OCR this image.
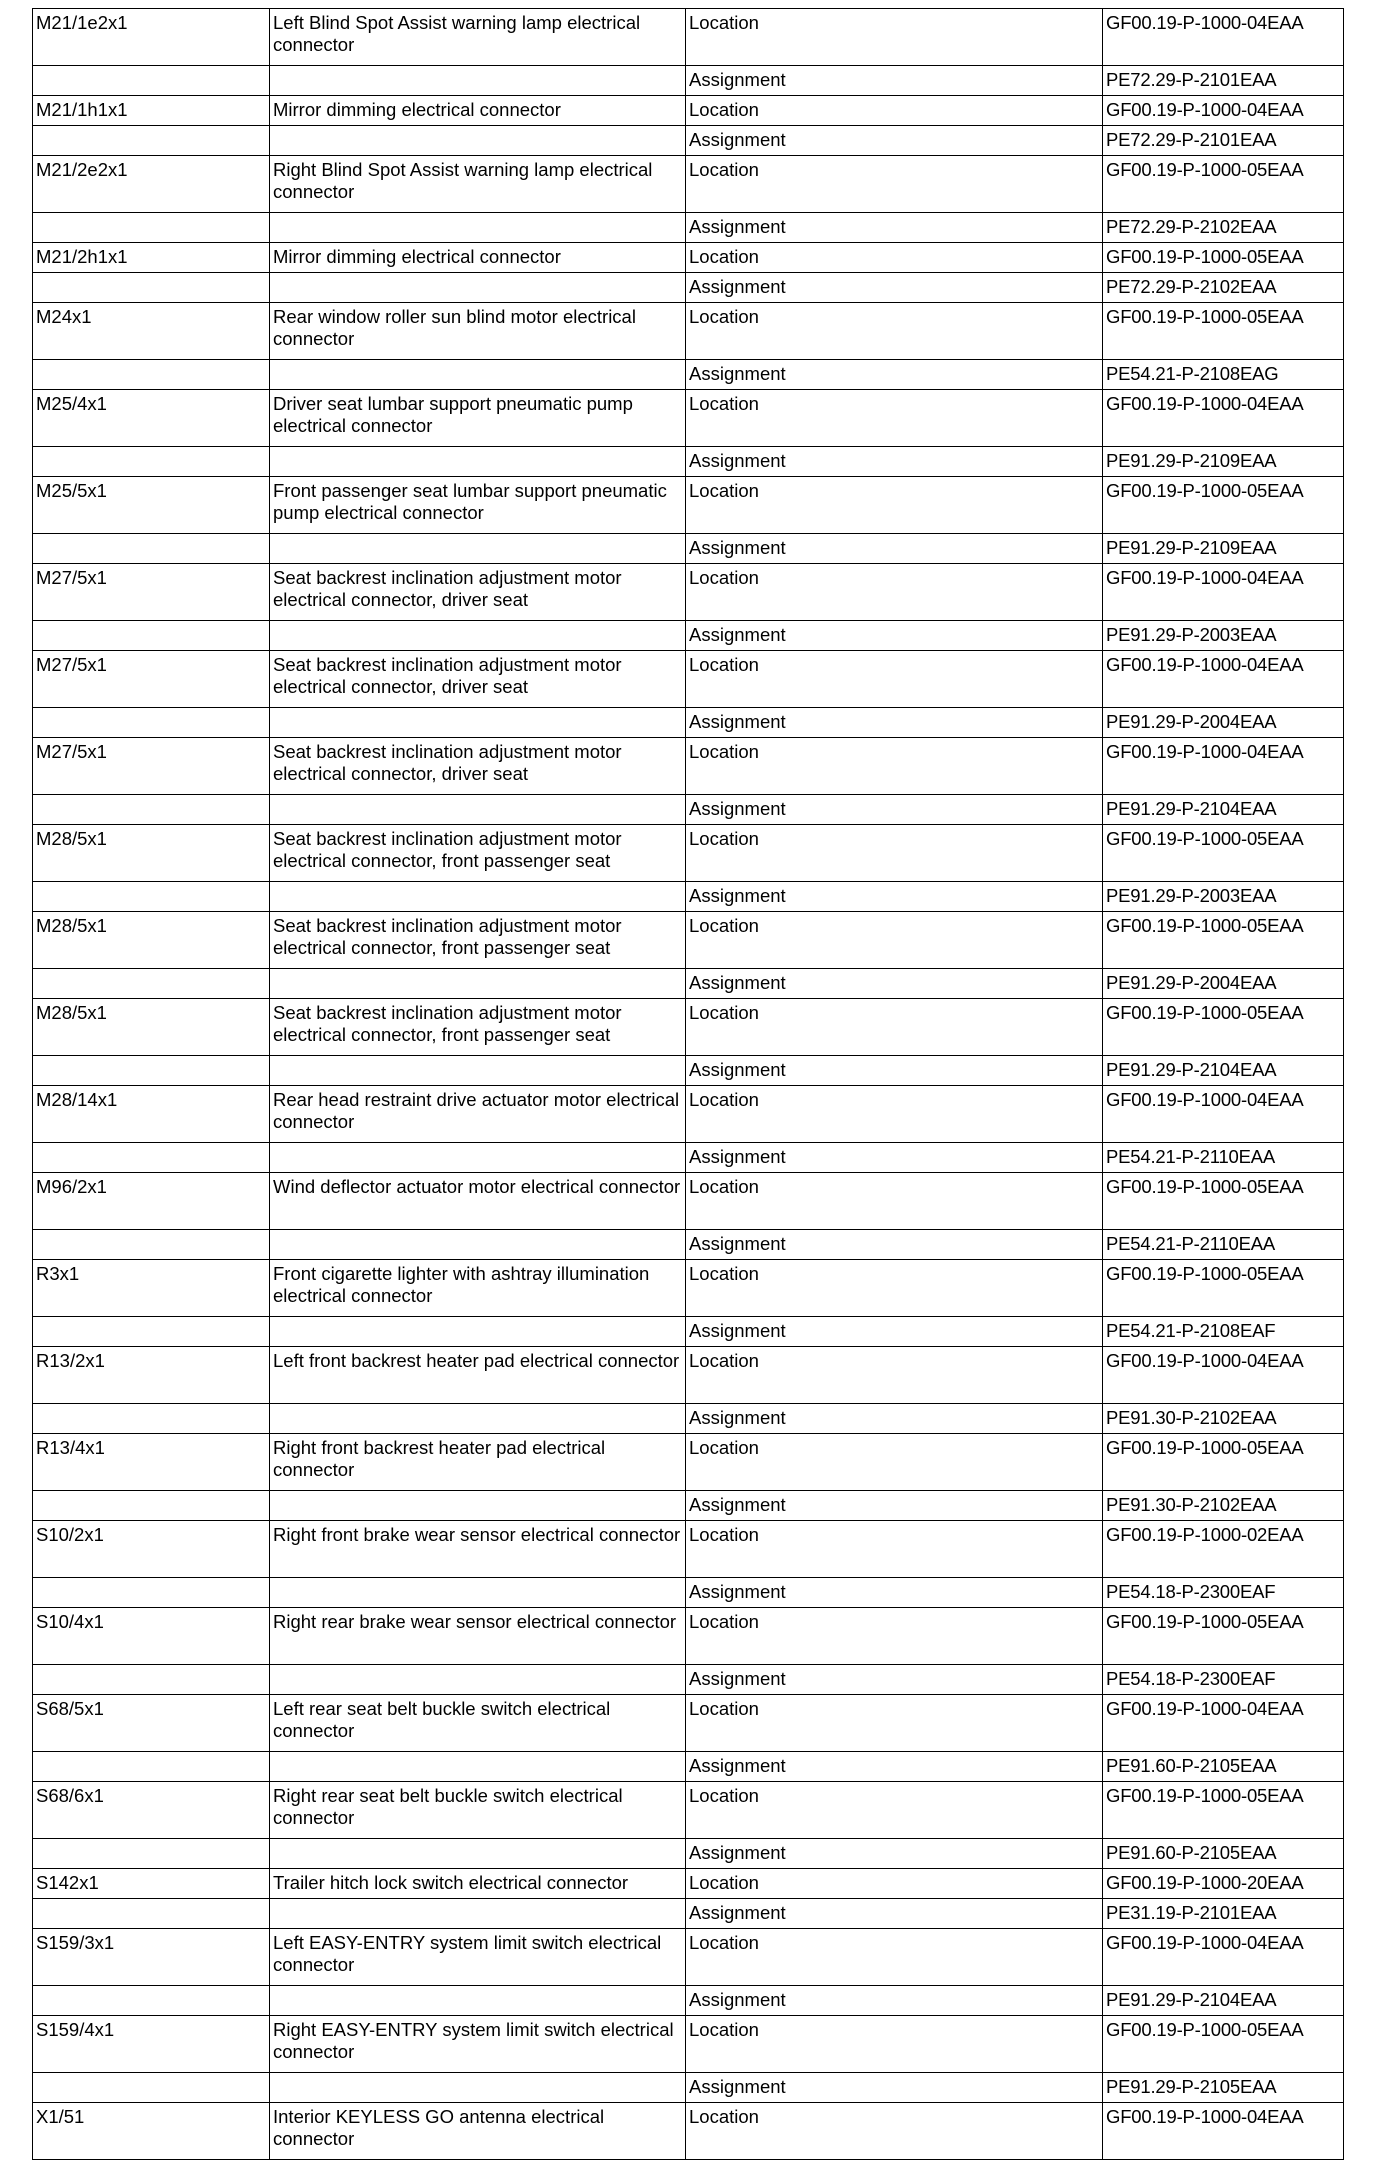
M21/1e2x1	Left Blind Spot Assist warning lamp electrical connector	Location	GF00.19-P-1000-04EAA
		Assignment	PE72.29-P-2101EAA
M21/1h1x1	Mirror dimming electrical connector	Location	GF00.19-P-1000-04EAA
		Assignment	PE72.29-P-2101EAA
M21/2e2x1	Right Blind Spot Assist warning lamp electrical connector	Location	GF00.19-P-1000-05EAA
		Assignment	PE72.29-P-2102EAA
M21/2h1x1	Mirror dimming electrical connector	Location	GF00.19-P-1000-05EAA
		Assignment	PE72.29-P-2102EAA
M24x1	Rear window roller sun blind motor electrical connector	Location	GF00.19-P-1000-05EAA
		Assignment	PE54.21-P-2108EAG
M25/4x1	Driver seat lumbar support pneumatic pump electrical connector	Location	GF00.19-P-1000-04EAA
		Assignment	PE91.29-P-2109EAA
M25/5x1	Front passenger seat lumbar support pneumatic pump electrical connector	Location	GF00.19-P-1000-05EAA
		Assignment	PE91.29-P-2109EAA
M27/5x1	Seat backrest inclination adjustment motor electrical connector, driver seat	Location	GF00.19-P-1000-04EAA
		Assignment	PE91.29-P-2003EAA
M27/5x1	Seat backrest inclination adjustment motor electrical connector, driver seat	Location	GF00.19-P-1000-04EAA
		Assignment	PE91.29-P-2004EAA
M27/5x1	Seat backrest inclination adjustment motor electrical connector, driver seat	Location	GF00.19-P-1000-04EAA
		Assignment	PE91.29-P-2104EAA
M28/5x1	Seat backrest inclination adjustment motor electrical connector, front passenger seat	Location	GF00.19-P-1000-05EAA
		Assignment	PE91.29-P-2003EAA
M28/5x1	Seat backrest inclination adjustment motor electrical connector, front passenger seat	Location	GF00.19-P-1000-05EAA
		Assignment	PE91.29-P-2004EAA
M28/5x1	Seat backrest inclination adjustment motor electrical connector, front passenger seat	Location	GF00.19-P-1000-05EAA
		Assignment	PE91.29-P-2104EAA
M28/14x1	Rear head restraint drive actuator motor electrical connector	Location	GF00.19-P-1000-04EAA
		Assignment	PE54.21-P-2110EAA
M96/2x1	Wind deflector actuator motor electrical connector	Location	GF00.19-P-1000-05EAA
		Assignment	PE54.21-P-2110EAA
R3x1	Front cigarette lighter with ashtray illumination electrical connector	Location	GF00.19-P-1000-05EAA
		Assignment	PE54.21-P-2108EAF
R13/2x1	Left front backrest heater pad electrical connector	Location	GF00.19-P-1000-04EAA
		Assignment	PE91.30-P-2102EAA
R13/4x1	Right front backrest heater pad electrical connector	Location	GF00.19-P-1000-05EAA
		Assignment	PE91.30-P-2102EAA
S10/2x1	Right front brake wear sensor electrical connector	Location	GF00.19-P-1000-02EAA
		Assignment	PE54.18-P-2300EAF
S10/4x1	Right rear brake wear sensor electrical connector	Location	GF00.19-P-1000-05EAA
		Assignment	PE54.18-P-2300EAF
S68/5x1	Left rear seat belt buckle switch electrical connector	Location	GF00.19-P-1000-04EAA
		Assignment	PE91.60-P-2105EAA
S68/6x1	Right rear seat belt buckle switch electrical connector	Location	GF00.19-P-1000-05EAA
		Assignment	PE91.60-P-2105EAA
S142x1	Trailer hitch lock switch electrical connector	Location	GF00.19-P-1000-20EAA
		Assignment	PE31.19-P-2101EAA
S159/3x1	Left EASY-ENTRY system limit switch electrical connector	Location	GF00.19-P-1000-04EAA
		Assignment	PE91.29-P-2104EAA
S159/4x1	Right EASY-ENTRY system limit switch electrical connector	Location	GF00.19-P-1000-05EAA
		Assignment	PE91.29-P-2105EAA
X1/51	Interior KEYLESS GO antenna electrical connector	Location	GF00.19-P-1000-04EAA
